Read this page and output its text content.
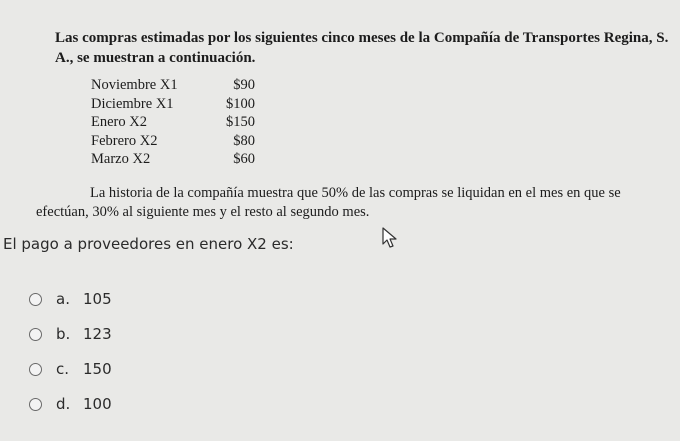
Las compras estimadas por los siguientes cinco meses de la Compañía de Transportes Regina, S. A., se muestran a continuación.
Noviembre X1	$90
Diciembre X1	$100
Enero X2	$150
Febrero X2	$80
Marzo X2	$60
La historia de la compañía muestra que 50% de las compras se liquidan en el mes en que se
efectúan, 30% al siguiente mes y el resto al segundo mes.
El pago a proveedores en enero X2 es:
a. 105
b. 123
c. 150
d. 100
